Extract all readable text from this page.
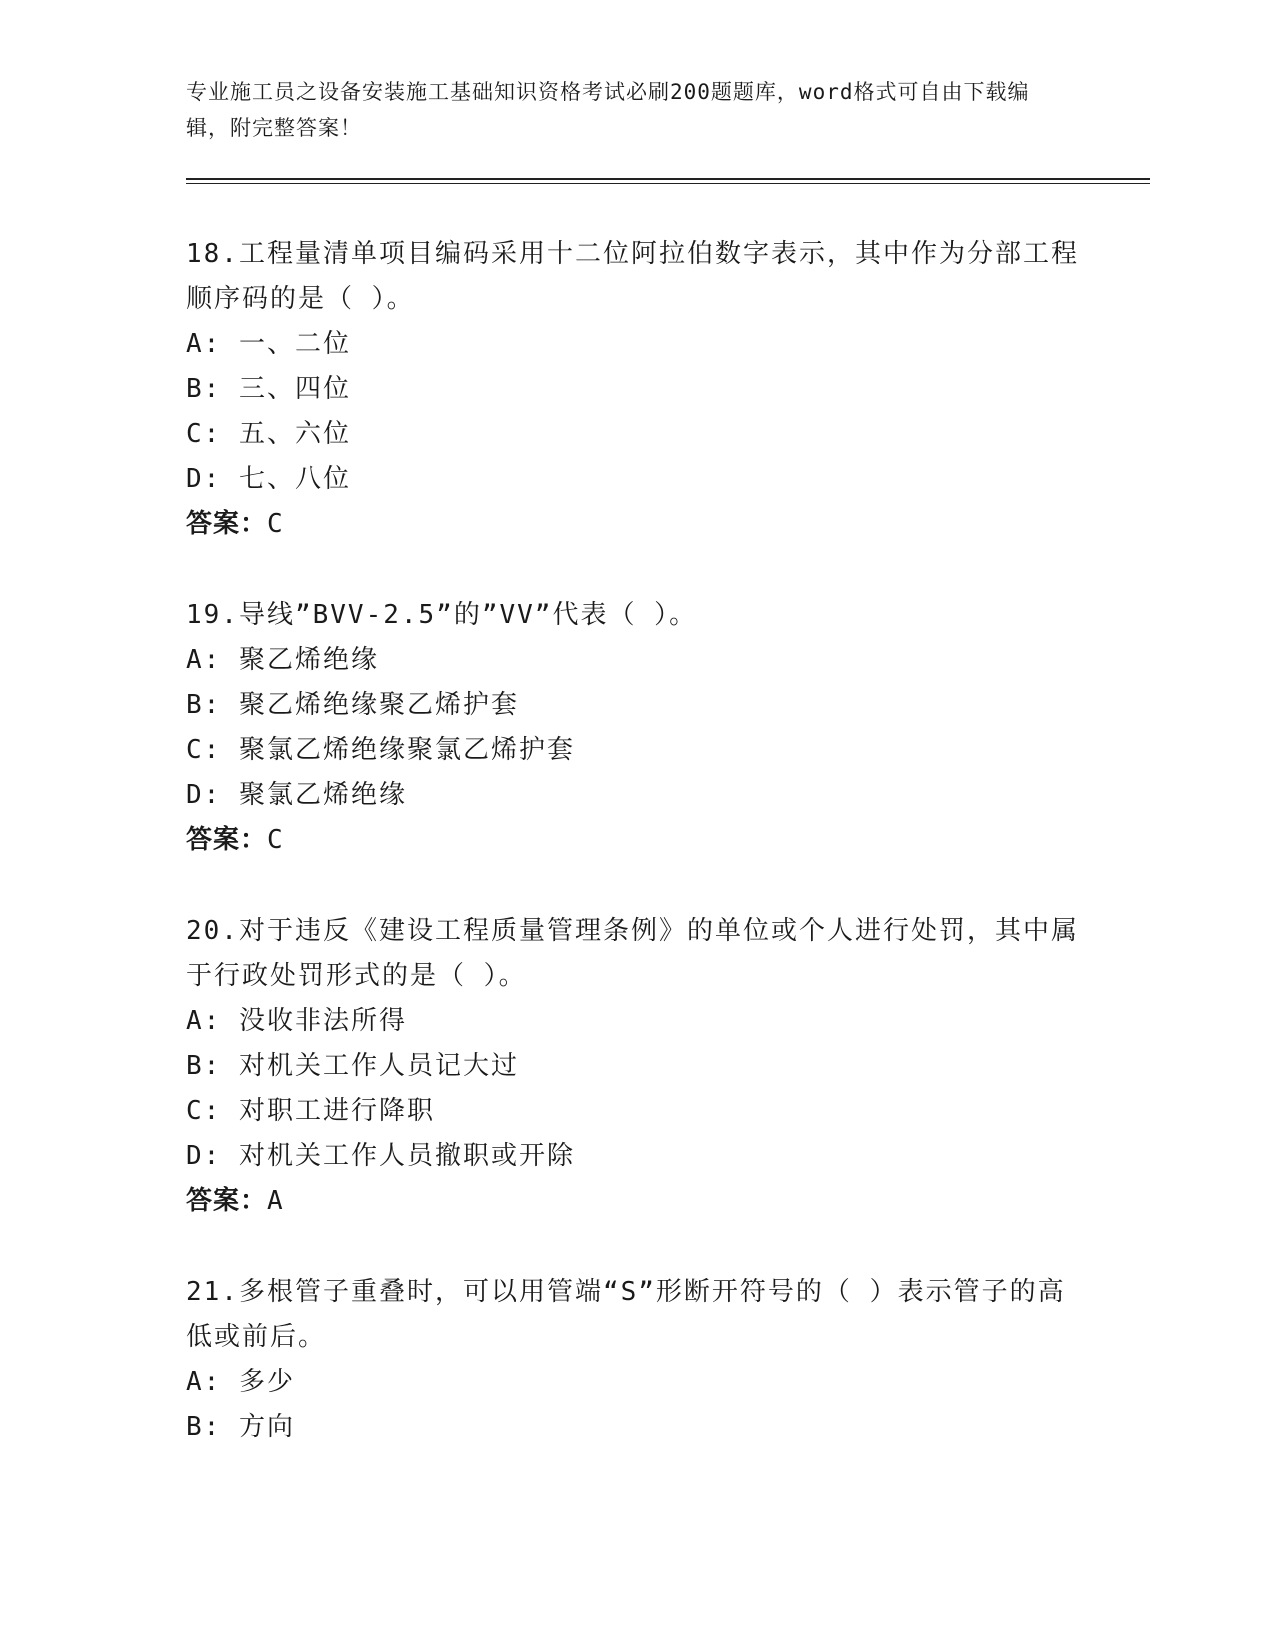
专业施工员之设备安装施工基础知识资格考试必刷200题题库，word格式可自由下载编辑，附完整答案！
18.工程量清单项目编码采用十二位阿拉伯数字表示，其中作为分部工程顺序码的是（ ）。
A: 一、二位
B: 三、四位
C: 五、六位
D: 七、八位
答案：C
19.导线”BVV-2.5”的”VV”代表（ ）。
A: 聚乙烯绝缘
B: 聚乙烯绝缘聚乙烯护套
C: 聚氯乙烯绝缘聚氯乙烯护套
D: 聚氯乙烯绝缘
答案：C
20.对于违反《建设工程质量管理条例》的单位或个人进行处罚，其中属于行政处罚形式的是（ ）。
A: 没收非法所得
B: 对机关工作人员记大过
C: 对职工进行降职
D: 对机关工作人员撤职或开除
答案：A
21.多根管子重叠时，可以用管端“S”形断开符号的（ ）表示管子的高低或前后。
A: 多少
B: 方向
